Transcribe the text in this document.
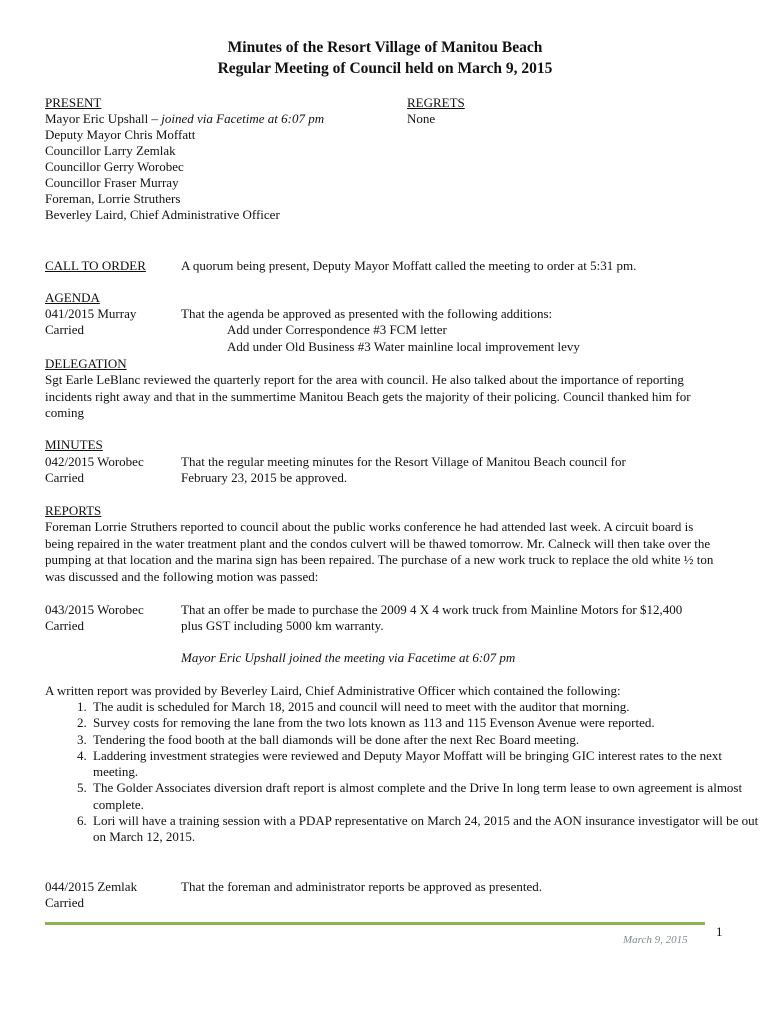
Minutes of the Resort Village of Manitou Beach
Regular Meeting of Council held on March 9, 2015
PRESENT
Mayor Eric Upshall – joined via Facetime at 6:07 pm
Deputy Mayor Chris Moffatt
Councillor Larry Zemlak
Councillor Gerry Worobec
Councillor Fraser Murray
Foreman, Lorrie Struthers
Beverley Laird, Chief Administrative Officer
REGRETS
None
CALL TO ORDER	A quorum being present, Deputy Mayor Moffatt called the meeting to order at 5:31 pm.
AGENDA
041/2015 Murray
Carried
That the agenda be approved as presented with the following additions:
Add under Correspondence #3 FCM letter
Add under Old Business #3 Water mainline local improvement levy
DELEGATION
Sgt Earle LeBlanc reviewed the quarterly report for the area with council. He also talked about the importance of reporting incidents right away and that in the summertime Manitou Beach gets the majority of their policing. Council thanked him for coming
MINUTES
042/2015 Worobec
Carried
That the regular meeting minutes for the Resort Village of Manitou Beach council for
February 23, 2015 be approved.
REPORTS
Foreman Lorrie Struthers reported to council about the public works conference he had attended last week. A circuit board is being repaired in the water treatment plant and the condos culvert will be thawed tomorrow. Mr. Calneck will then take over the pumping at that location and the marina sign has been repaired. The purchase of a new work truck to replace the old white ½ ton was discussed and the following motion was passed:
043/2015 Worobec
Carried
That an offer be made to purchase the 2009 4 X 4 work truck from Mainline Motors for $12,400
plus GST including 5000 km warranty.
Mayor Eric Upshall joined the meeting via Facetime at 6:07 pm
A written report was provided by Beverley Laird, Chief Administrative Officer which contained the following:
1. The audit is scheduled for March 18, 2015 and council will need to meet with the auditor that morning.
2. Survey costs for removing the lane from the two lots known as 113 and 115 Evenson Avenue were reported.
3. Tendering the food booth at the ball diamonds will be done after the next Rec Board meeting.
4. Laddering investment strategies were reviewed and Deputy Mayor Moffatt will be bringing GIC interest rates to the next meeting.
5. The Golder Associates diversion draft report is almost complete and the Drive In long term lease to own agreement is almost complete.
6. Lori will have a training session with a PDAP representative on March 24, 2015 and the AON insurance investigator will be out on March 12, 2015.
044/2015 Zemlak
Carried
That the foreman and administrator reports be approved as presented.
1
March 9, 2015
